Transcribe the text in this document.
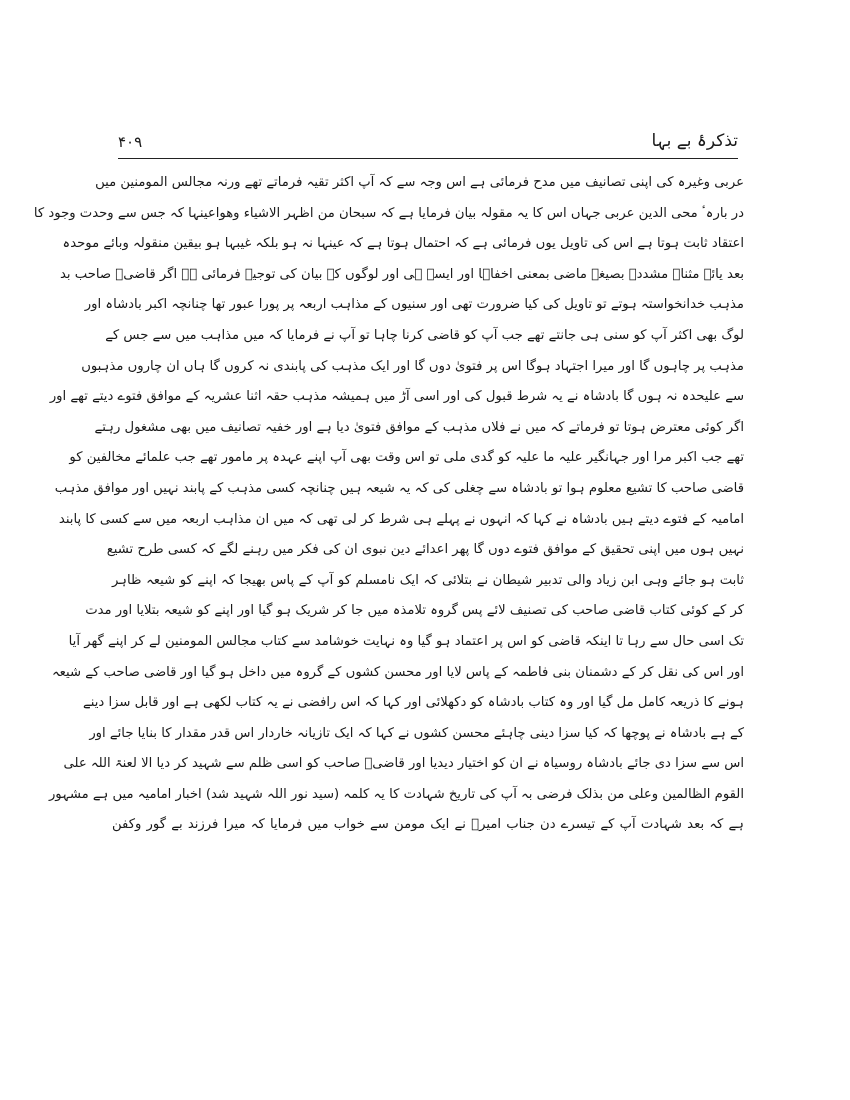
۴۰۹	تذکرۂ بے بہا
عربی وغیرہ کی اپنی تصانیف میں مدح فرمائی ہے اس وجہ سے کہ آپ اکثر تقیہ فرماتے تھے ورنہ مجالس المومنین میں
در بارہٴ محی الدین عربی جہاں اس کا یہ مقولہ بیان فرمایا ہے کہ سبحان من اظہر الاشیاء وھواعینہا کہ جس سے وحدت وجود کا
اعتقاد ثابت ہوتا ہے اس کی تاویل یوں فرمائی ہے کہ احتمال ہوتا ہے کہ عینہا نہ ہو بلکہ غیبہا ہو بیقین منقولہ وبائے موحدہ
بعد یائے مثناۃ مشددہ بصیغہ ماضی بمعنی اخفاہا اور ایسے ہی اور لوگوں کے بیان کی توجیہ فرمائی ہے اگر قاضیؒ صاحب بد
مذہب خدانخواستہ ہوتے تو تاویل کی کیا ضرورت تھی اور سنیوں کے مذاہب اربعہ پر پورا عبور تھا چنانچہ اکبر بادشاہ اور
لوگ بھی اکثر آپ کو سنی ہی جانتے تھے جب آپ کو قاضی کرنا چاہا تو آپ نے فرمایا کہ میں مذاہب میں سے جس کے
مذہب پر چاہوں گا اور میرا اجتہاد ہوگا اس پر فتویٰ دوں گا اور ایک مذہب کی پابندی نہ کروں گا ہاں ان چاروں مذہبوں
سے علیحدہ نہ ہوں گا بادشاہ نے یہ شرط قبول کی اور اسی آڑ میں ہمیشہ مذہب حقہ اثنا عشریہ کے موافق فتوے دیتے تھے اور
اگر کوئی معترض ہوتا تو فرماتے کہ میں نے فلاں مذہب کے موافق فتویٰ دیا ہے اور خفیہ تصانیف میں بھی مشغول رہتے
تھے جب اکبر مرا اور جہانگیر علیہ ما علیہ کو گدی ملی تو اس وقت بھی آپ اپنے عہدہ پر مامور تھے جب علمائے مخالفین کو
قاضی صاحب کا تشیع معلوم ہوا تو بادشاہ سے چغلی کی کہ یہ شیعہ ہیں چنانچہ کسی مذہب کے پابند نہیں اور موافق مذہب
امامیہ کے فتوے دیتے ہیں بادشاہ نے کہا کہ انہوں نے پہلے ہی شرط کر لی تھی کہ میں ان مذاہب اربعہ میں سے کسی کا پابند
نہیں ہوں میں اپنی تحقیق کے موافق فتوے دوں گا پھر اعدائے دین نبوی ان کی فکر میں رہنے لگے کہ کسی طرح تشیع
ثابت ہو جائے وہی ابن زیاد والی تدبیر شیطان نے بتلائی کہ ایک نامسلم کو آپ کے پاس بھیجا کہ اپنے کو شیعہ ظاہر
کر کے کوئی کتاب قاضی صاحب کی تصنیف لائے پس گروہ تلامذہ میں جا کر شریک ہو گیا اور اپنے کو شیعہ بتلایا اور مدت
تک اسی حال سے رہا تا اینکہ قاضی کو اس پر اعتماد ہو گیا وہ نہایت خوشامد سے کتاب مجالس المومنین لے کر اپنے گھر آیا
اور اس کی نقل کر کے دشمنان بنی فاطمہ کے پاس لایا اور محسن کشوں کے گروہ میں داخل ہو گیا اور قاضی صاحب کے شیعہ
ہونے کا ذریعہ کامل مل گیا اور وہ کتاب بادشاہ کو دکھلائی اور کہا کہ اس رافضی نے یہ کتاب لکھی ہے اور قابل سزا دینے
کے ہے بادشاہ نے پوچھا کہ کیا سزا دینی چاہئے محسن کشوں نے کہا کہ ایک تازیانہ خاردار اس قدر مقدار کا بنایا جائے اور
اس سے سزا دی جائے بادشاہ روسیاہ نے ان کو اختیار دیدیا اور قاضیؒ صاحب کو اسی ظلم سے شہید کر دیا الا لعنۃ اللہ علی
القوم الظالمین وعلی من بذلک فرضی بہ آپ کی تاریخ شہادت کا یہ کلمہ (سید نور اللہ شہید شد) اخبار امامیہ میں ہے مشہور
ہے کہ بعد شہادت آپ کے تیسرے دن جناب امیرؑ نے ایک مومن سے خواب میں فرمایا کہ میرا فرزند بے گور وکفن
